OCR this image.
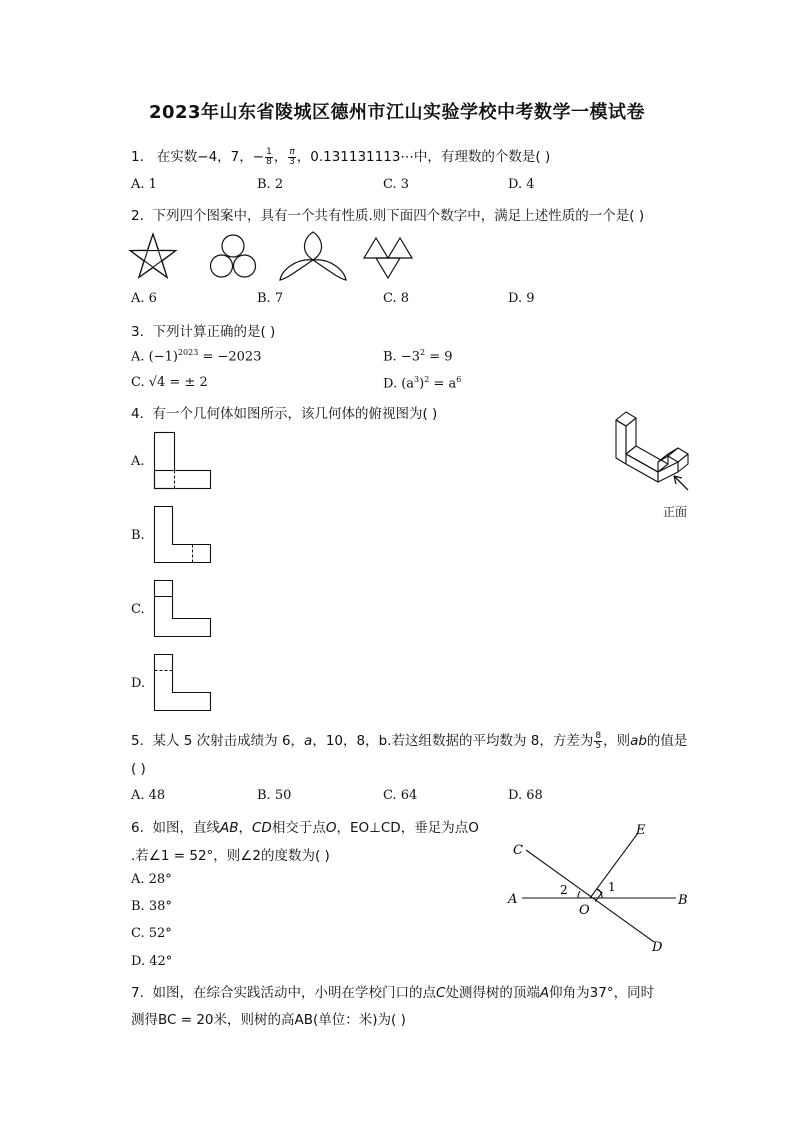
2023年山东省陵城区德州市江山实验学校中考数学一模试卷
1. 在实数−4，7，− $\frac{1}{8}$ ， $\frac{\pi}{3}$ ，0.131131113⋯中，有理数的个数是( )
A. 1	B. 2	C. 3	D. 4
2. 下列四个图案中，具有一个共有性质.则下面四个数字中，满足上述性质的一个是( )
A. 6	B. 7	C. 8	D. 9
3. 下列计算正确的是( )
A. $(-1)^{2023} = -2023$	B. $-3^2 = 9$
C. √4 = ± 2	D. $(a^3)^2 = a^6$
4. 有一个几何体如图所示，该几何体的俯视图为( )
正面
A.
B.
C.
D.
5. 某人 5 次射击成绩为 6，a，10，8，b.若这组数据的平均数为 8，方差为 $\frac{8}{5}$ ，则ab的值是
( )
A. 48	B. 50	C. 64	D. 68
6. 如图，直线AB，CD相交于点O，EO⊥CD，垂足为点O
.若∠1 = 52°，则∠2的度数为( )
A. 28°
B. 38°
C. 52°
D. 42°
A	B
C
D
E
O
1
2
7. 如图，在综合实践活动中，小明在学校门口的点C处测得树的顶端A仰角为37°，同时
测得BC = 20米，则树的高AB(单位：米)为( )
